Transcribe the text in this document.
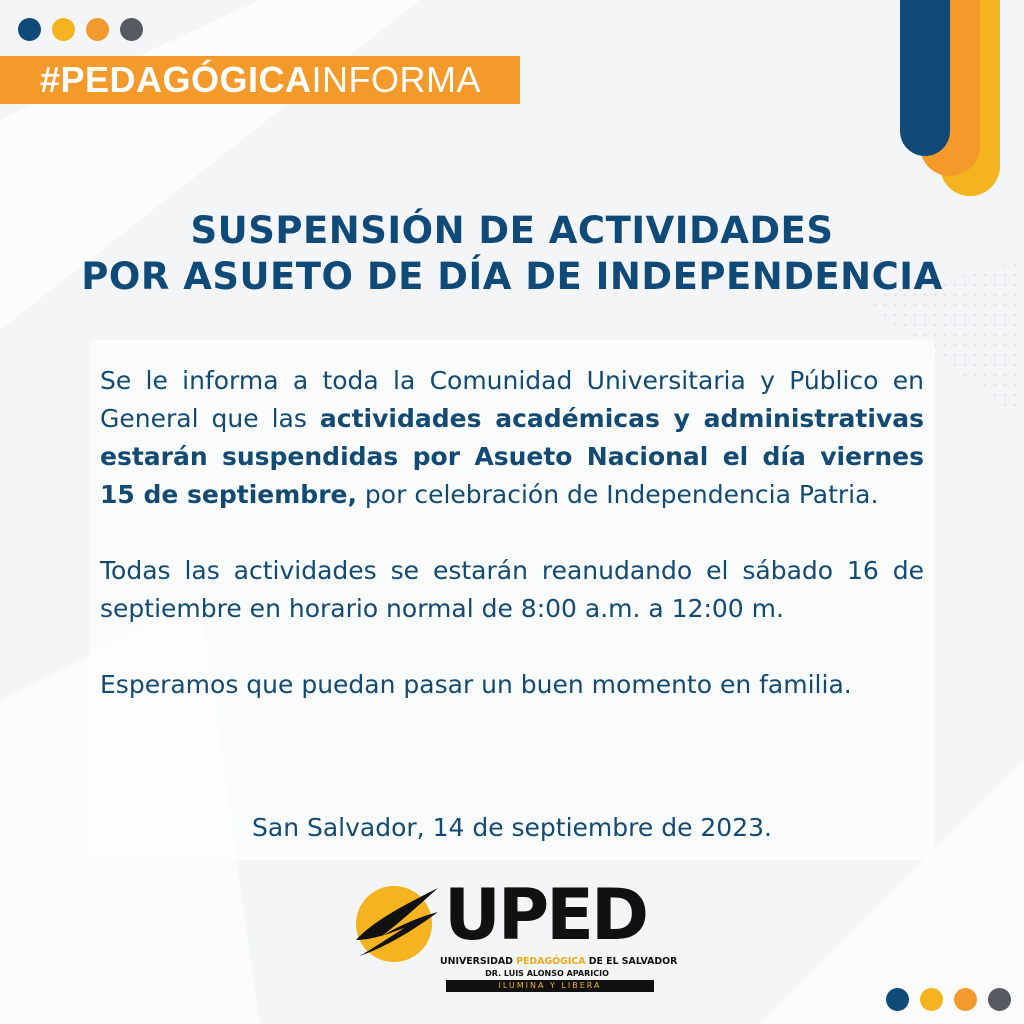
#PEDAGÓGICAINFORMA
SUSPENSIÓN DE ACTIVIDADES
POR ASUETO DE DÍA DE INDEPENDENCIA

Se le informa a toda la Comunidad Universitaria y Público en General que las actividades académicas y administrativas estarán suspendidas por Asueto Nacional el día viernes 15 de septiembre, por celebración de Independencia Patria.

Todas las actividades se estarán reanudando el sábado 16 de septiembre en horario normal de 8:00 a.m. a 12:00 m.

Esperamos que puedan pasar un buen momento en familia.

San Salvador, 14 de septiembre de 2023.
UPED
UNIVERSIDAD PEDAGÓGICA DE EL SALVADOR
DR. LUIS ALONSO APARICIO
ILUMINA Y LIBERA
